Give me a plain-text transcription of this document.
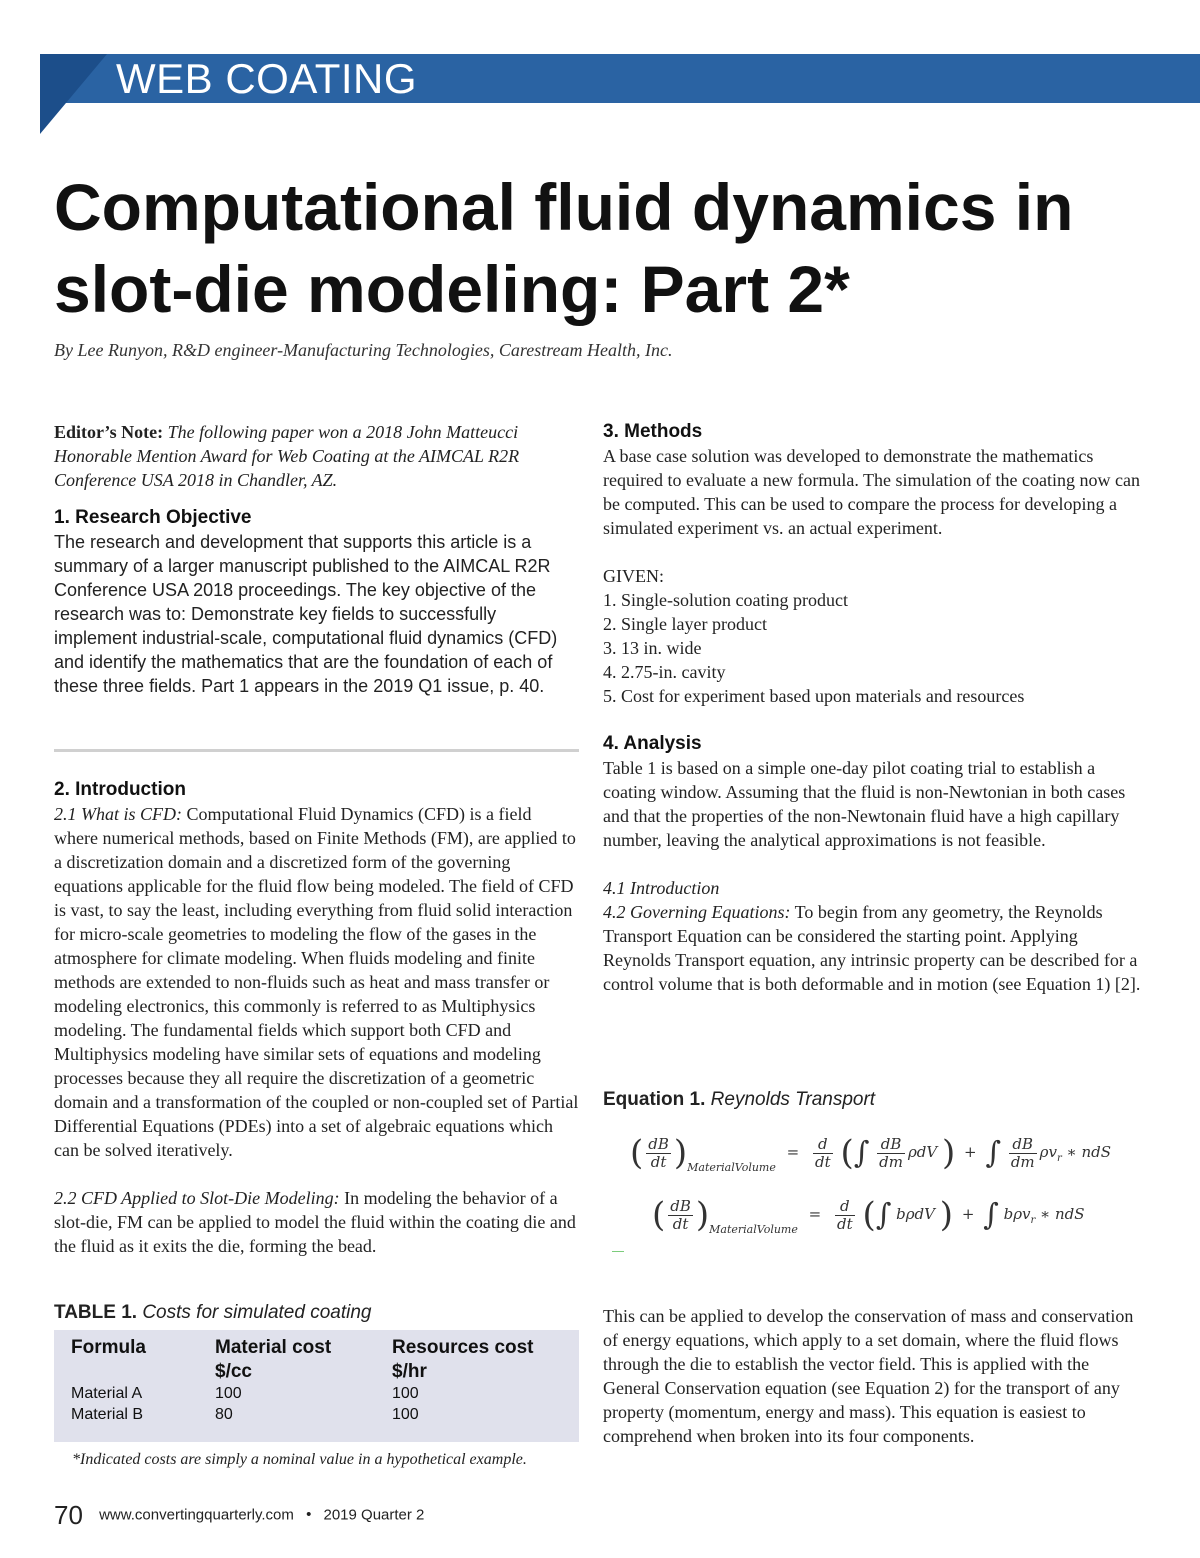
WEB COATING
Computational fluid dynamics in slot-die modeling: Part 2*
By Lee Runyon, R&D engineer-Manufacturing Technologies, Carestream Health, Inc.

Editor’s Note: The following paper won a 2018 John Matteucci Honorable Mention Award for Web Coating at the AIMCAL R2R Conference USA 2018 in Chandler, AZ.

1. Research Objective

The research and development that supports this article is a summary of a larger manuscript published to the AIMCAL R2R Conference USA 2018 proceedings. The key objective of the research was to: Demonstrate key fields to successfully implement industrial-scale, computational fluid dynamics (CFD) and identify the mathematics that are the foundation of each of these three fields. Part 1 appears in the 2019 Q1 issue, p. 40.

2. Introduction

2.1 What is CFD: Computational Fluid Dynamics (CFD) is a field where numerical methods, based on Finite Methods (FM), are applied to a discretization domain and a discretized form of the governing equations applicable for the fluid flow being modeled. The field of CFD is vast, to say the least, including everything from fluid solid interaction for micro-scale geometries to modeling the flow of the gases in the atmosphere for climate modeling. When fluids modeling and finite methods are extended to non-fluids such as heat and mass transfer or modeling electronics, this commonly is referred to as Multiphysics modeling. The fundamental fields which support both CFD and Multiphysics modeling have similar sets of equations and modeling processes because they all require the discretization of a geometric domain and a transformation of the coupled or non-coupled set of Partial Differential Equations (PDEs) into a set of algebraic equations which can be solved iteratively.

2.2 CFD Applied to Slot-Die Modeling: In modeling the behavior of a slot-die, FM can be applied to model the fluid within the coating die and the fluid as it exits the die, forming the bead.

TABLE 1. Costs for simulated coating
Formula	Material cost	Resources cost
$/cc	$/hr
Material A	100	100
Material B	80	100
*Indicated costs are simply a nominal value in a hypothetical example.

3. Methods

A base case solution was developed to demonstrate the mathematics required to evaluate a new formula. The simulation of the coating now can be computed. This can be used to compare the process for developing a simulated experiment vs. an actual experiment.

GIVEN:

1. Single-solution coating product

2. Single layer product

3. 13 in. wide

4. 2.75-in. cavity

5. Cost for experiment based upon materials and resources

4. Analysis

Table 1 is based on a simple one-day pilot coating trial to establish a coating window. Assuming that the fluid is non-Newtonian in both cases and that the properties of the non-Newtonain fluid have a high capillary number, leaving the analytical approximations is not feasible.

4.1 Introduction

4.2 Governing Equations: To begin from any geometry, the Reynolds Transport Equation can be considered the starting point. Applying Reynolds Transport equation, any intrinsic property can be described for a control volume that is both deformable and in motion (see Equation 1) [2].

Equation 1. Reynolds Transport
( $\frac{dB}{dt} )_{MaterialVolume} = \frac{d}{dt}$ (∫ $\frac{dB}{dm}$ ρdV ) + ∫ $\frac{dB}{dm} \rho v_r$ ∗ ndS
( $\frac{dB}{dt} )_{MaterialVolume} = \frac{d}{dt}$ (∫ bρdV ) + ∫ bρv$_r$ ∗ ndS
This can be applied to develop the conservation of mass and conservation of energy equations, which apply to a set domain, where the fluid flows through the die to establish the vector field. This is applied with the General Conservation equation (see Equation 2) for the transport of any property (momentum, energy and mass). This equation is easiest to comprehend when broken into its four components.
70 www.convertingquarterly.com • 2019 Quarter 2
